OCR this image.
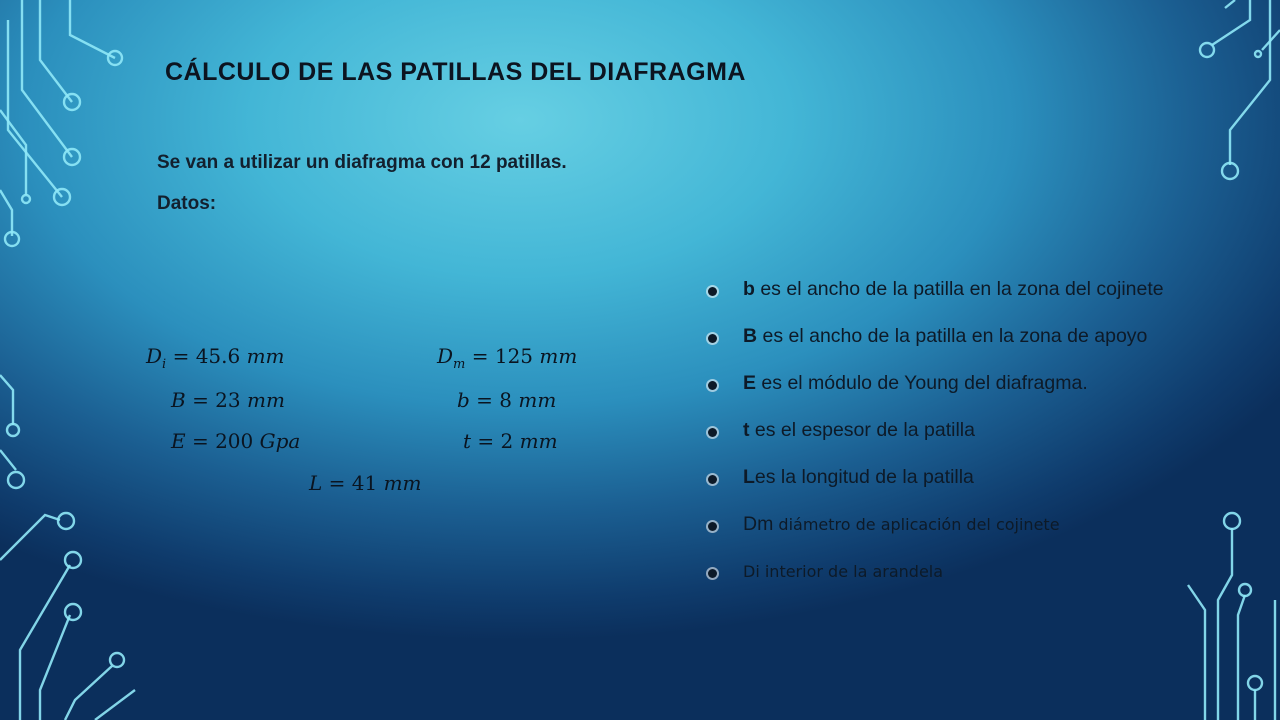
CÁLCULO DE LAS PATILLAS DEL DIAFRAGMA
Se van a utilizar un diafragma con 12 patillas.
Datos:
$D_i = 45.6$ mm	$D_m = 125$ mm
B = 23 mm	b = 8 mm
E = 200 Gpa	t = 2 mm
L = 41 mm
b es el ancho de la patilla en la zona del cojinete
B es el ancho de la patilla en la zona de apoyo
E es el módulo de Young del diafragma.
t es el espesor de la patilla
Les la longitud de la patilla
Dm diámetro de aplicación del cojinete
Di interior de la arandela
